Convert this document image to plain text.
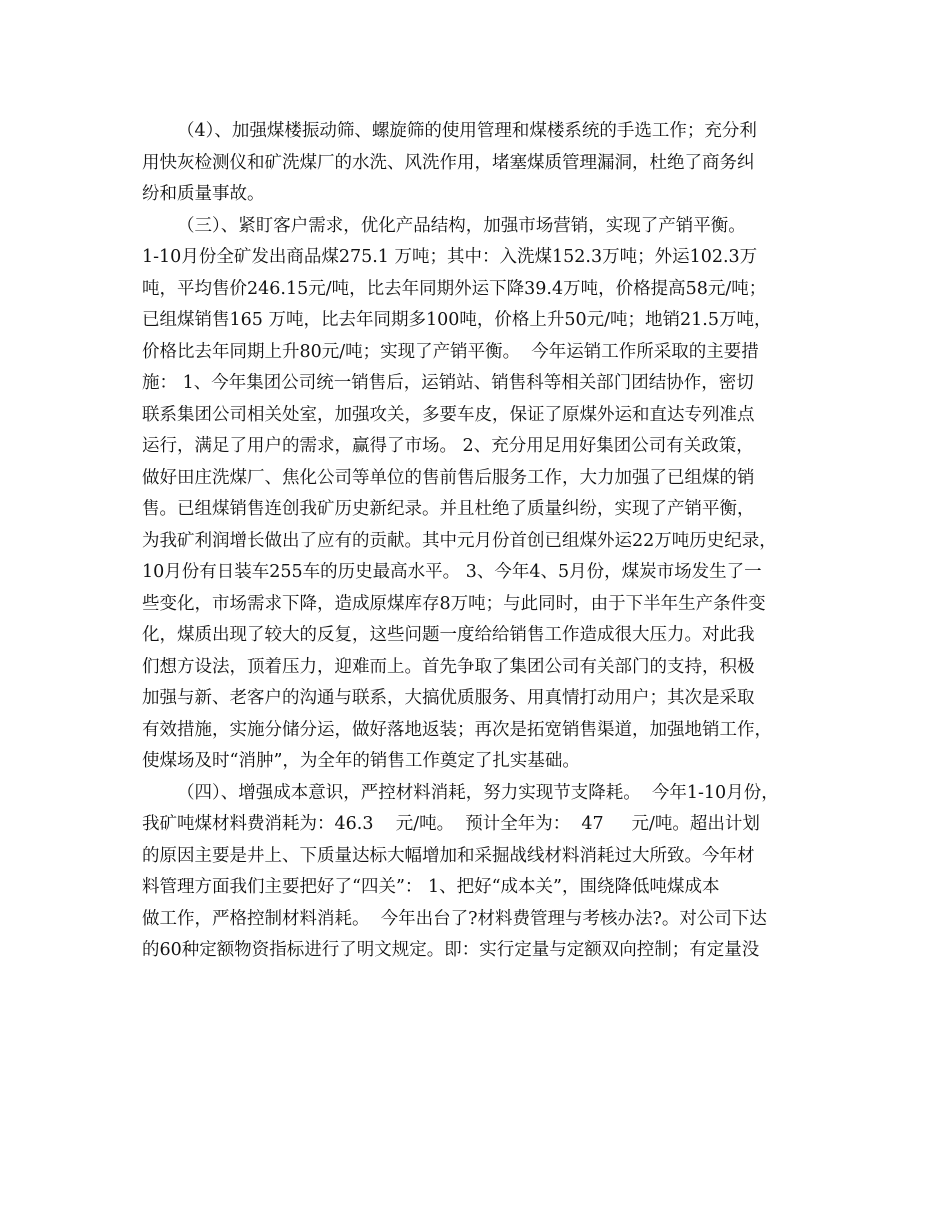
（4）、加强煤楼振动筛、螺旋筛的使用管理和煤楼系统的手选工作；充分利
用快灰检测仪和矿洗煤厂的水洗、风洗作用，堵塞煤质管理漏洞，杜绝了商务纠
纷和质量事故。
（三）、紧盯客户需求，优化产品结构，加强市场营销，实现了产销平衡。
1-10月份全矿发出商品煤275.1 万吨；其中：入洗煤152.3万吨；外运102.3万
吨，平均售价246.15元/吨，比去年同期外运下降39.4万吨，价格提高58元/吨；
已组煤销售165 万吨，比去年同期多100吨，价格上升50元/吨；地销21.5万吨，
价格比去年同期上升80元/吨；实现了产销平衡。  今年运销工作所采取的主要措
施： 1、今年集团公司统一销售后，运销站、销售科等相关部门团结协作，密切
联系集团公司相关处室，加强攻关，多要车皮，保证了原煤外运和直达专列准点
运行，满足了用户的需求，赢得了市场。 2、充分用足用好集团公司有关政策，
做好田庄洗煤厂、焦化公司等单位的售前售后服务工作，大力加强了已组煤的销
售。已组煤销售连创我矿历史新纪录。并且杜绝了质量纠纷，实现了产销平衡，
为我矿利润增长做出了应有的贡献。其中元月份首创已组煤外运22万吨历史纪录，
10月份有日装车255车的历史最高水平。 3、今年4、5月份，煤炭市场发生了一
些变化，市场需求下降，造成原煤库存8万吨；与此同时，由于下半年生产条件变
化，煤质出现了较大的反复，这些问题一度给给销售工作造成很大压力。对此我
们想方设法，顶着压力，迎难而上。首先争取了集团公司有关部门的支持，积极
加强与新、老客户的沟通与联系，大搞优质服务、用真情打动用户；其次是采取
有效措施，实施分储分运，做好落地返装；再次是拓宽销售渠道，加强地销工作，
使煤场及时“消肿”，为全年的销售工作奠定了扎实基础。
（四）、增强成本意识，严控材料消耗，努力实现节支降耗。  今年1-10月份，
我矿吨煤材料费消耗为：46.3    元/吨。  预计全年为：  47     元/吨。超出计划
的原因主要是井上、下质量达标大幅增加和采掘战线材料消耗过大所致。今年材
料管理方面我们主要把好了“四关”： 1、把好“成本关”，围绕降低吨煤成本
做工作，严格控制材料消耗。  今年出台了?材料费管理与考核办法?。对公司下达
的60种定额物资指标进行了明文规定。即：实行定量与定额双向控制；有定量没
